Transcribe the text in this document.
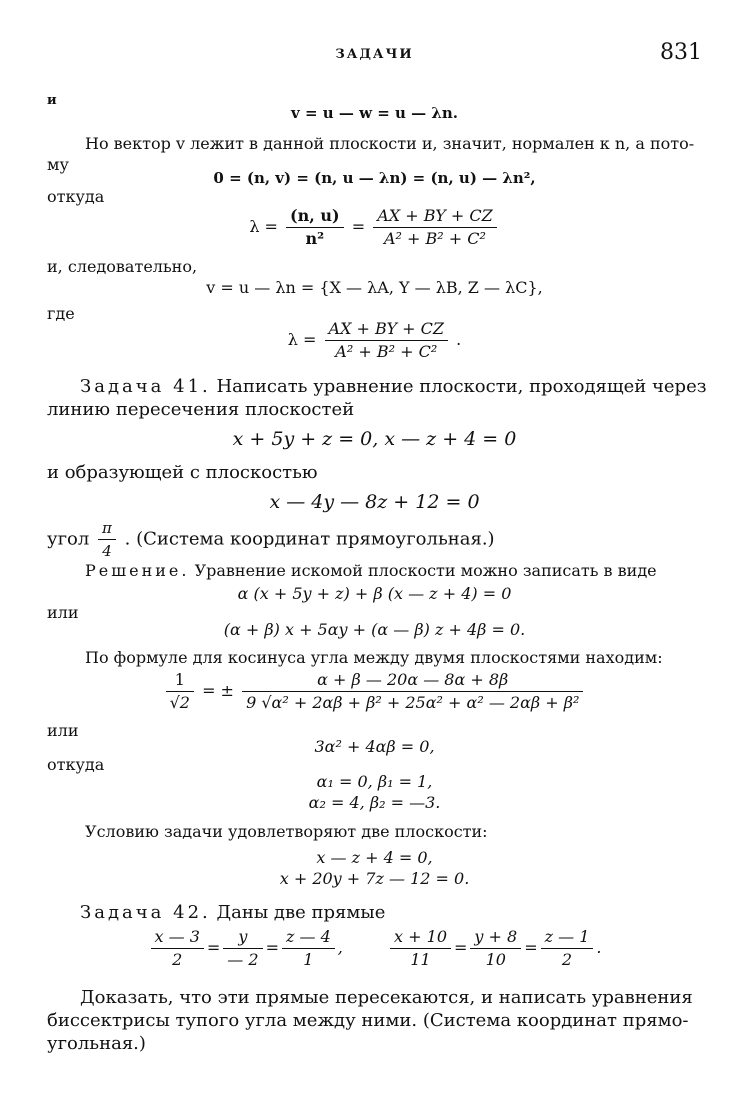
ЗАДАЧИ	831
и
v = u — w = u — λn.
Но вектор v лежит в данной плоскости и, значит, нормален к n, а пото-
му
0 = (n, v) = (n, u — λn) = (n, u) — λn²,
откуда
$\lambda = \frac{(n, u)}{\text{n²}} = \frac{AX + BY + CZ}{\text{A² + B² + C²}}$
и, следовательно,
v = u — λn = {X — λA, Y — λB, Z — λC},
где
$\lambda = \frac{AX + BY + CZ}{\text{A² + B² + C²}}$ .
Задача 41. Написать уравнение плоскости, проходящей через
линию пересечения плоскостей
x + 5y + z = 0, x — z + 4 = 0
и образующей с плоскостью
x — 4y — 8z + 12 = 0
угол $\frac{\pi}{4}$ . (Система координат прямоугольная.)
Решение. Уравнение искомой плоскости можно записать в виде
α (x + 5y + z) + β (x — z + 4) = 0
или
(α + β) x + 5αy + (α — β) z + 4β = 0.
По формуле для косинуса угла между двумя плоскостями находим:
$\frac{1}{√2}$ = ± $\frac{\alpha + \beta — 20\alpha — 8\alpha + 8\beta}{\text{9 √α² + 2αβ + β² + 25α² + α² — 2αβ + β²}}$
или
3α² + 4αβ = 0,
откуда
α₁ = 0, β₁ = 1,
α₂ = 4, β₂ = —3.
Условию задачи удовлетворяют две плоскости:
x — z + 4 = 0,
x + 20y + 7z — 12 = 0.
Задача 42. Даны две прямые
$\frac{x — 3}{2} = \frac{y}{— 2} = \frac{z — 4}{1}$ ,	$\frac{x + 10}{11} = \frac{y + 8}{10} = \frac{z — 1}{2}$ .
Доказать, что эти прямые пересекаются, и написать уравнения
биссектрисы тупого угла между ними. (Система координат прямо-
угольная.)
